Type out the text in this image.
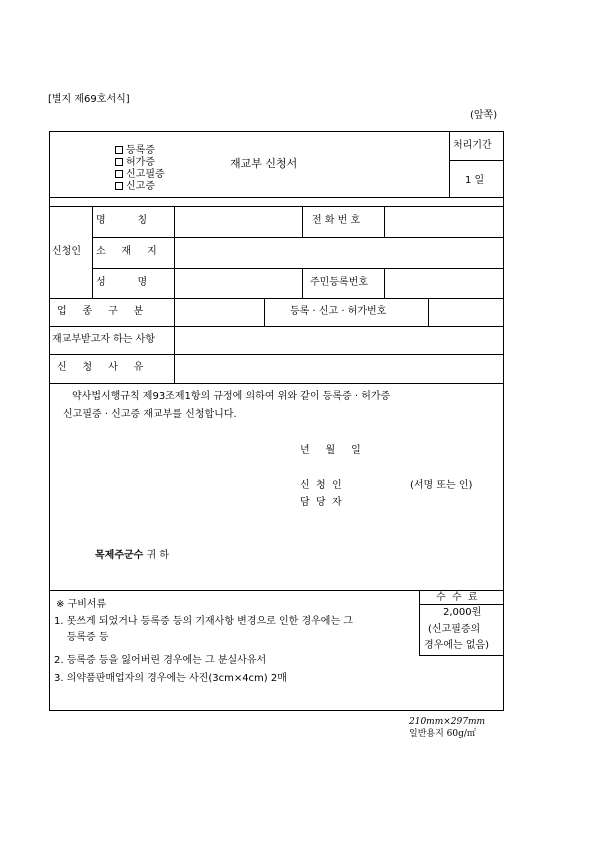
[별지 제69호서식]
(앞쪽)
등록증
허가증
신고필증
신고증
재교부 신청서
처리기간
1 일
신청인
명          칭	전 화 번 호
소     재     지
성          명	주민등록번호
업     종     구     분	등록 · 신고 · 허가번호
재교부받고자 하는 사항
신     청     사     유
약사법시행규칙 제93조제1항의 규정에 의하여 위와 같이 등록증 · 허가증
신고필증 · 신고증 재교부를 신청합니다.
년     월     일
신  청  인	(서명 또는 인)
담  당  자
목제주군수 귀 하
※ 구비서류
1. 못쓰게 되었거나 등록증 등의 기재사항 변경으로 인한 경우에는 그
등록증 등
2. 등록증 등을 잃어버린 경우에는 그 분실사유서
3. 의약품판매업자의 경우에는 사진(3cm×4cm) 2매
수  수  료
2,000원
(신고필증의
경우에는 없음)
210mm×297mm
일반용지 60g/㎡
